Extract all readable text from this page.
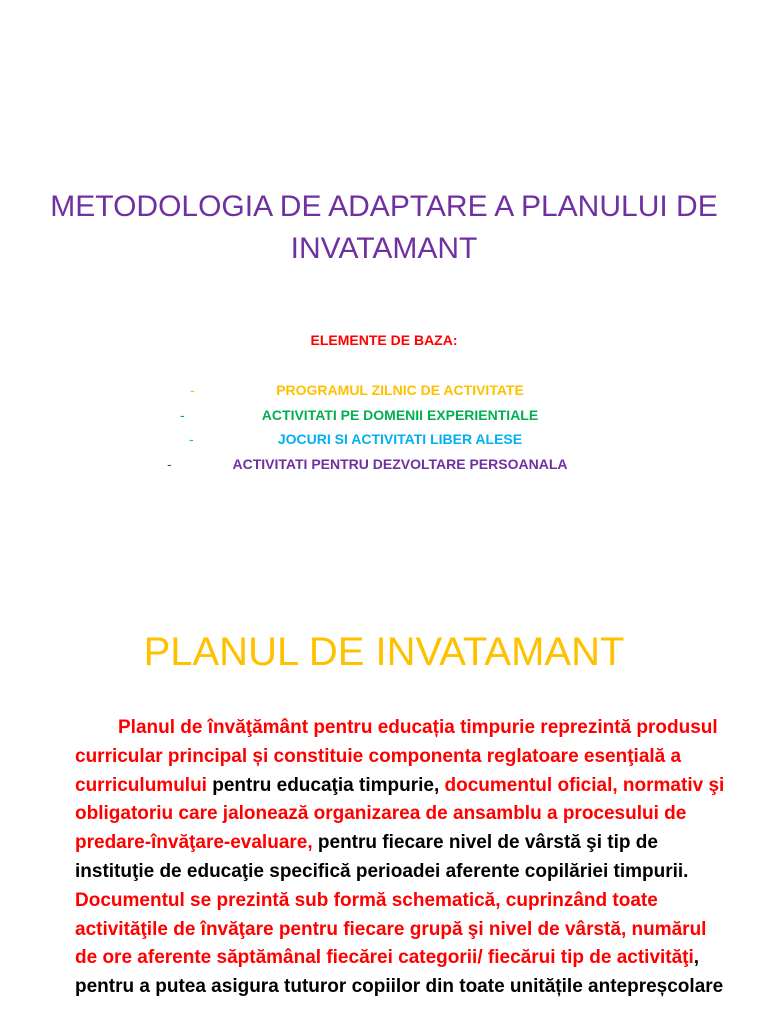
METODOLOGIA DE ADAPTARE A PLANULUI DE INVATAMANT

ELEMENTE DE BAZA:

-	PROGRAMUL ZILNIC DE ACTIVITATE
-	ACTIVITATI PE DOMENII EXPERIENTIALE
-	JOCURI SI ACTIVITATI LIBER ALESE
-	ACTIVITATI PENTRU DEZVOLTARE PERSOANALA
PLANUL DE INVATAMANT

Planul de învăţământ pentru educația timpurie reprezintă produsul curricular principal și constituie componenta reglatoare esenţială a curriculumului pentru educaţia timpurie, documentul oficial, normativ şi obligatoriu care jalonează organizarea de ansamblu a procesului de predare-învăţare-evaluare, pentru fiecare nivel de vârstă şi tip de instituţie de educaţie specifică perioadei aferente copilăriei timpurii. Documentul se prezintă sub formă schematică, cuprinzând toate activităţile de învăţare pentru fiecare grupă şi nivel de vârstă, numărul de ore aferente săptămânal fiecărei categorii/ fiecărui tip de activităţi, pentru a putea asigura tuturor copiilor din toate unitățile antepreșcolare
